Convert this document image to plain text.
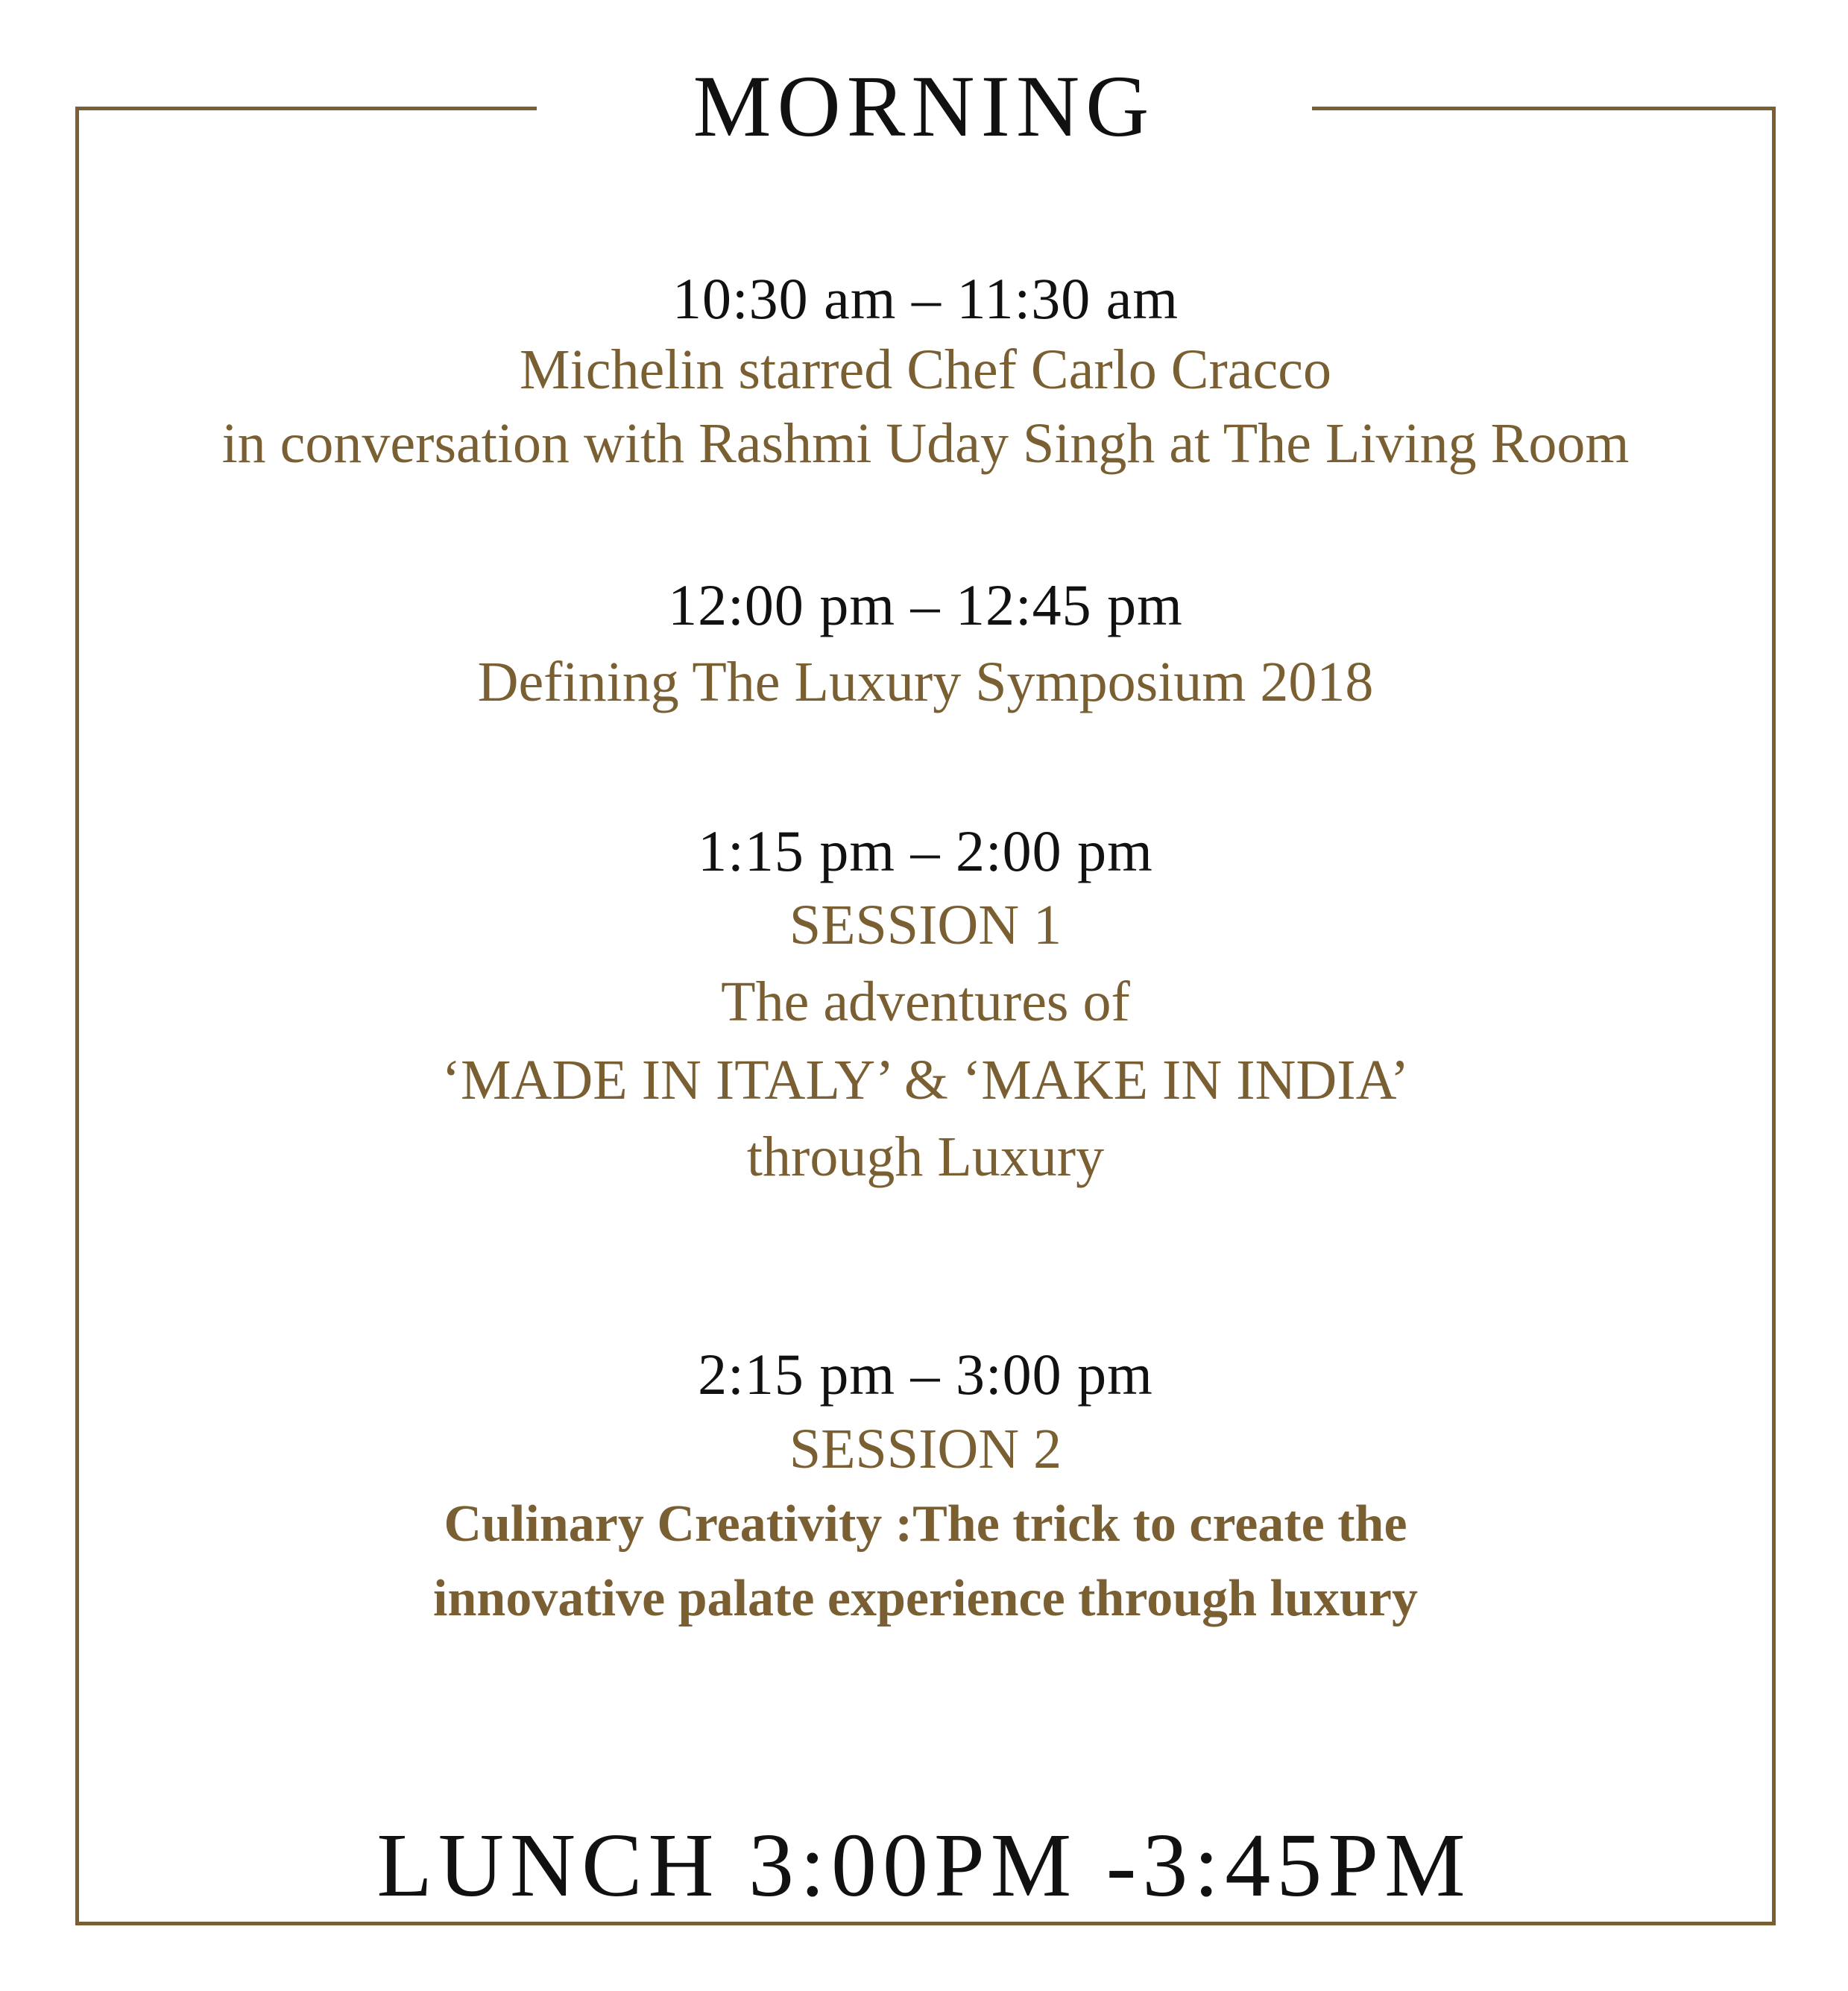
MORNING
10:30 am – 11:30 am
Michelin starred Chef Carlo Cracco
in conversation with Rashmi Uday Singh at The Living Room
12:00 pm – 12:45 pm
Defining The Luxury Symposium 2018
1:15 pm – 2:00 pm
SESSION 1
The adventures of
‘MADE IN ITALY’ & ‘MAKE IN INDIA’
through Luxury
2:15 pm – 3:00 pm
SESSION 2
Culinary Creativity :The trick to create the
innovative palate experience through luxury
LUNCH 3:00PM -3:45PM
